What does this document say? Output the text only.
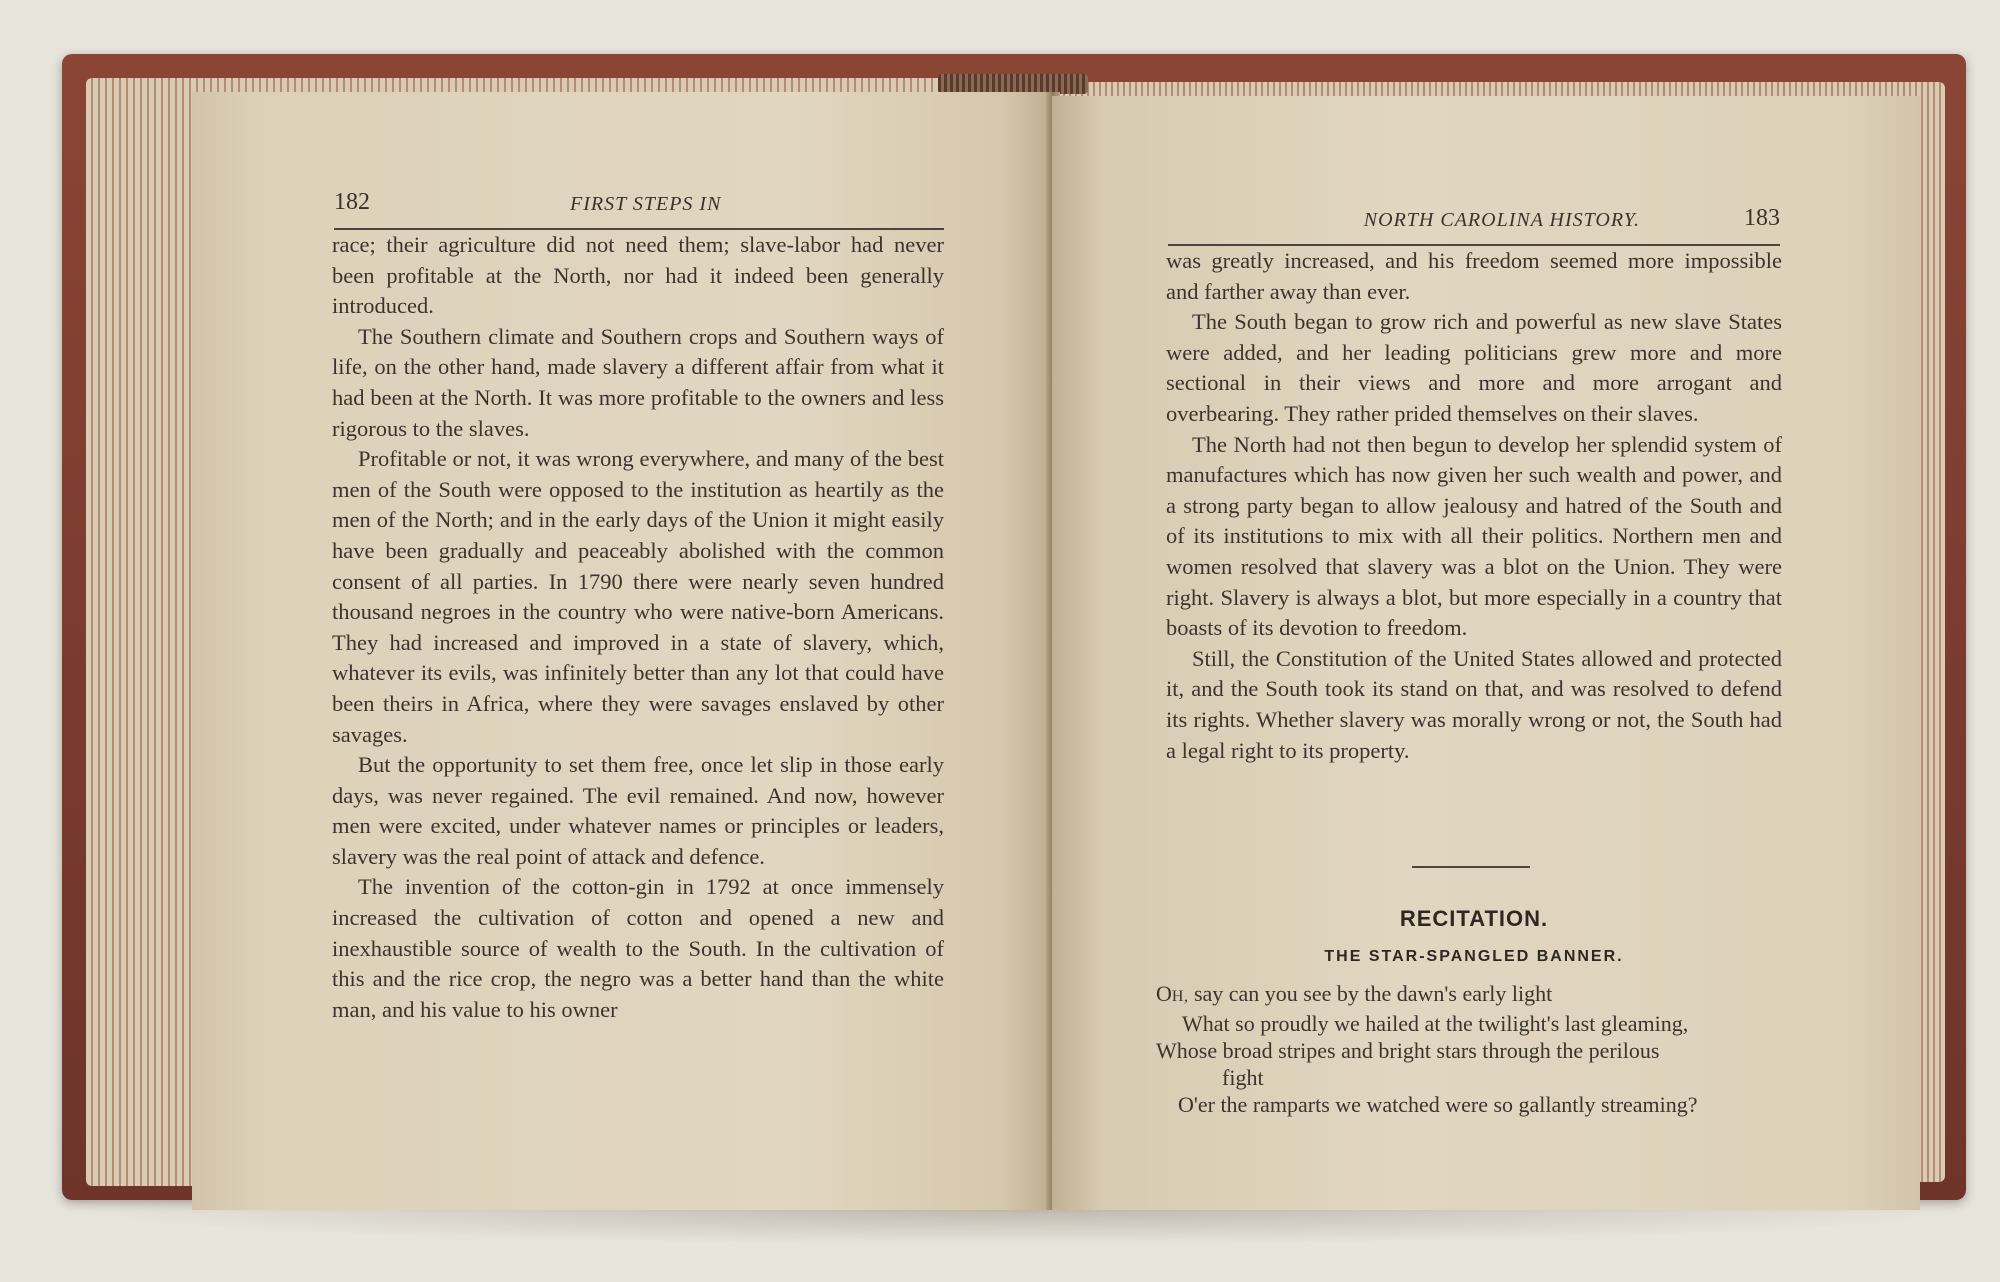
182	FIRST STEPS IN

race; their agriculture did not need them; slave-labor had never been profitable at the North, nor had it indeed been generally introduced.

The Southern climate and Southern crops and Southern ways of life, on the other hand, made slavery a different affair from what it had been at the North. It was more profitable to the owners and less rigorous to the slaves.

Profitable or not, it was wrong everywhere, and many of the best men of the South were opposed to the institution as heartily as the men of the North; and in the early days of the Union it might easily have been gradually and peaceably abolished with the common consent of all parties. In 1790 there were nearly seven hundred thousand negroes in the country who were native-born Americans. They had increased and improved in a state of slavery, which, whatever its evils, was infinitely better than any lot that could have been theirs in Africa, where they were savages enslaved by other savages.

But the opportunity to set them free, once let slip in those early days, was never regained. The evil remained. And now, however men were excited, under whatever names or principles or leaders, slavery was the real point of attack and defence.

The invention of the cotton-gin in 1792 at once immensely increased the cultivation of cotton and opened a new and inexhaustible source of wealth to the South. In the cultivation of this and the rice crop, the negro was a better hand than the white man, and his value to his owner

NORTH CAROLINA HISTORY.	183

was greatly increased, and his freedom seemed more impossible and farther away than ever.

The South began to grow rich and powerful as new slave States were added, and her leading politicians grew more and more sectional in their views and more and more arrogant and overbearing. They rather prided themselves on their slaves.

The North had not then begun to develop her splendid system of manufactures which has now given her such wealth and power, and a strong party began to allow jealousy and hatred of the South and of its institutions to mix with all their politics. Northern men and women resolved that slavery was a blot on the Union. They were right. Slavery is always a blot, but more especially in a country that boasts of its devotion to freedom.

Still, the Constitution of the United States allowed and protected it, and the South took its stand on that, and was resolved to defend its rights. Whether slavery was morally wrong or not, the South had a legal right to its property.

RECITATION.
THE STAR-SPANGLED BANNER.
OH, say can you see by the dawn's early light
What so proudly we hailed at the twilight's last gleaming,
Whose broad stripes and bright stars through the perilous
fight
O'er the ramparts we watched were so gallantly streaming?
